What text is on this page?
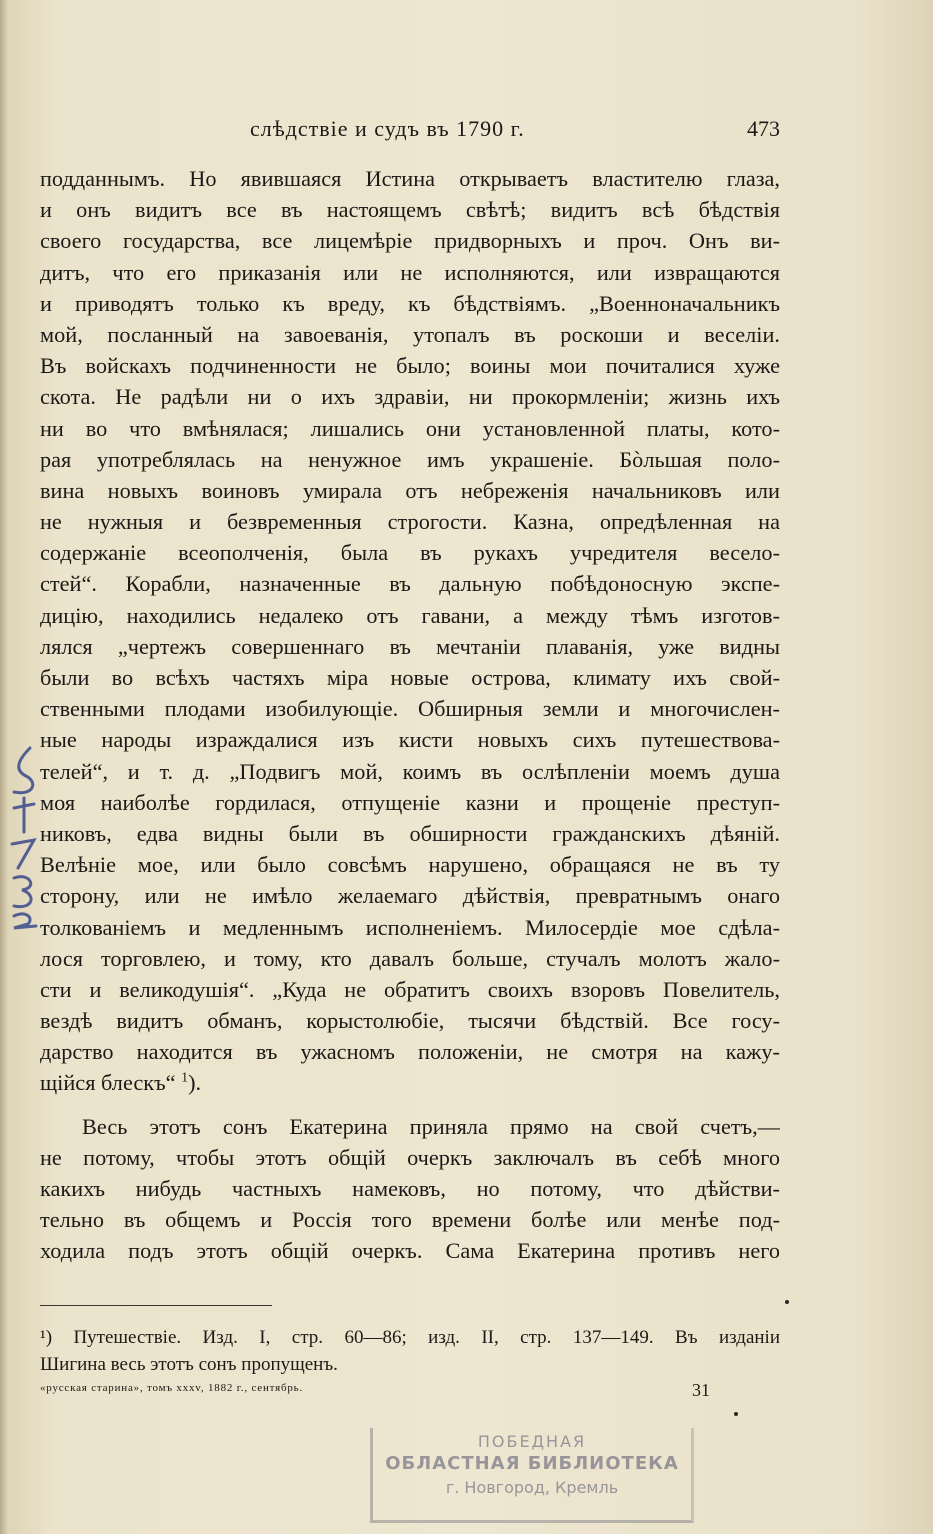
слѣдствіе и судъ въ 1790 г.	473
подданнымъ. Но явившаяся Истина открываетъ властителю глаза,
и онъ видитъ все въ настоящемъ свѣтѣ; видитъ всѣ бѣдствія
своего государства, все лицемѣріе придворныхъ и проч. Онъ ви-
дитъ, что его приказанія или не исполняются, или извращаются
и приводятъ только къ вреду, къ бѣдствіямъ. „Военноначальникъ
мой, посланный на завоеванія, утопалъ въ роскоши и веселіи.
Въ войскахъ подчиненности не было; воины мои почиталися хуже
скота. Не радѣли ни о ихъ здравіи, ни прокормленіи; жизнь ихъ
ни во что вмѣнялася; лишались они установленной платы, кото-
рая употреблялась на ненужное имъ украшеніе. Бòльшая поло-
вина новыхъ воиновъ умирала отъ небреженія начальниковъ или
не нужныя и безвременныя строгости. Казна, опредѣленная на
содержаніе всеополченія, была въ рукахъ учредителя весело-
стей“. Корабли, назначенные въ дальную побѣдоносную экспе-
дицію, находились недалеко отъ гавани, а между тѣмъ изготов-
лялся „чертежъ совершеннаго въ мечтаніи плаванія, уже видны
были во всѣхъ частяхъ міра новые острова, климату ихъ свой-
ственными плодами изобилующіе. Обширныя земли и многочислен-
ные народы израждалися изъ кисти новыхъ сихъ путешествова-
телей“, и т. д. „Подвигъ мой, коимъ въ ослѣпленіи моемъ душа
моя наиболѣе гордилася, отпущеніе казни и прощеніе преступ-
никовъ, едва видны были въ обширности гражданскихъ дѣяній.
Велѣніе мое, или было совсѣмъ нарушено, обращаяся не въ ту
сторону, или не имѣло желаемаго дѣйствія, превратнымъ онаго
толкованіемъ и медленнымъ исполненіемъ. Милосердіе мое сдѣла-
лося торговлею, и тому, кто давалъ больше, стучалъ молотъ жало-
сти и великодушія“. „Куда не обратитъ своихъ взоровъ Повелитель,
вездѣ видитъ обманъ, корыстолюбіе, тысячи бѣдствій. Все госу-
дарство находится въ ужасномъ положеніи, не смотря на кажу-
щійся блескъ“ $^1$).
Весь этотъ сонъ Екатерина приняла прямо на свой счетъ,—
не потому, чтобы этотъ общій очеркъ заключалъ въ себѣ много
какихъ нибудь частныхъ намековъ, но потому, что дѣйстви-
тельно въ общемъ и Россія того времени болѣе или менѣе под-
ходила подъ этотъ общій очеркъ. Сама Екатерина противъ него
¹) Путешествіе. Изд. I, стр. 60—86; изд. II, стр. 137—149. Въ изданіи
Шигина весь этотъ сонъ пропущенъ.
«русская старина», томъ xxxv, 1882 г., сентябрь.	31
ПОБЕДНАЯ
ОБЛАСТНАЯ БИБЛИОТЕКА
г. Новгород, Кремль
